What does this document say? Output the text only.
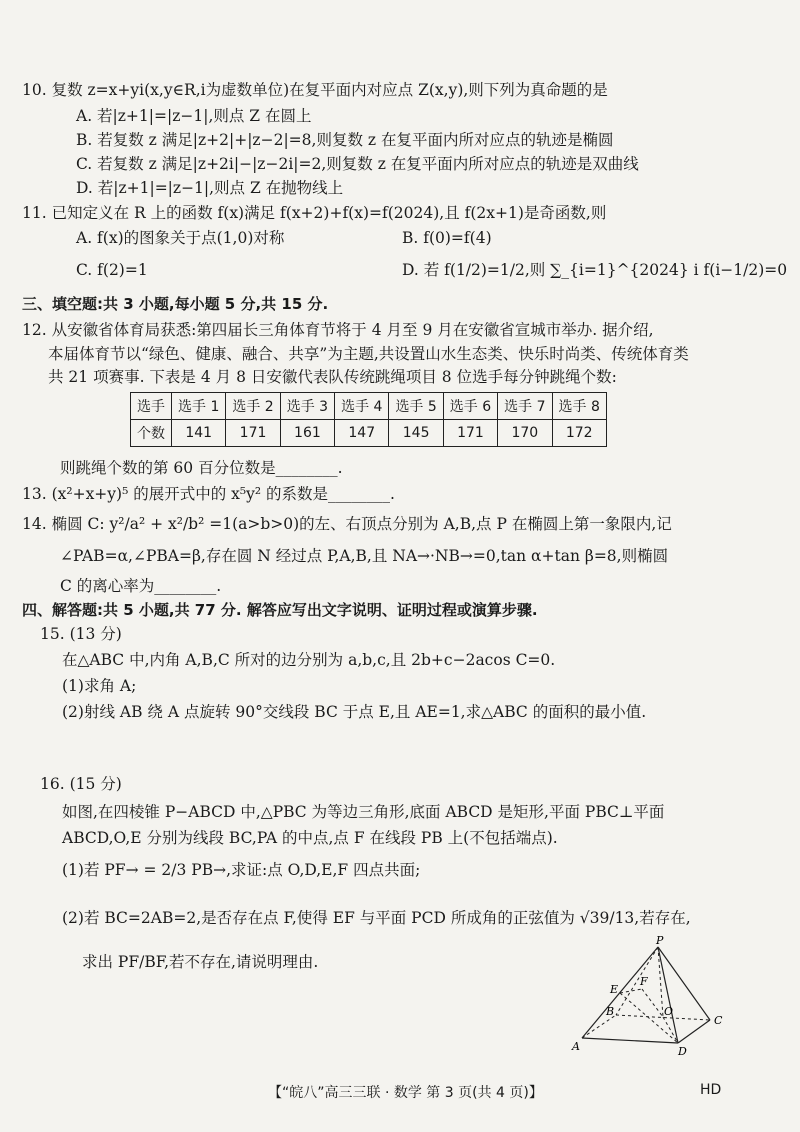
10. 复数 z=x+yi(x,y∈R,i为虚数单位)在复平面内对应点 Z(x,y),则下列为真命题的是
A. 若|z+1|=|z−1|,则点 Z 在圆上
B. 若复数 z 满足|z+2|+|z−2|=8,则复数 z 在复平面内所对应点的轨迹是椭圆
C. 若复数 z 满足|z+2i|−|z−2i|=2,则复数 z 在复平面内所对应点的轨迹是双曲线
D. 若|z+1|=|z−1|,则点 Z 在抛物线上
11. 已知定义在 R 上的函数 f(x)满足 f(x+2)+f(x)=f(2024),且 f(2x+1)是奇函数,则
A. f(x)的图象关于点(1,0)对称	B. f(0)=f(4)
C. f(2)=1	D. 若 f(1/2)=1/2,则 ∑_{i=1}^{2024} i f(i−1/2)=0
三、填空题:共 3 小题,每小题 5 分,共 15 分.
12. 从安徽省体育局获悉:第四届长三角体育节将于 4 月至 9 月在安徽省宣城市举办. 据介绍,
本届体育节以“绿色、健康、融合、共享”为主题,共设置山水生态类、快乐时尚类、传统体育类
共 21 项赛事. 下表是 4 月 8 日安徽代表队传统跳绳项目 8 位选手每分钟跳绳个数:
选手	选手 1	选手 2	选手 3	选手 4	选手 5	选手 6	选手 7	选手 8
个数	141	171	161	147	145	171	170	172
则跳绳个数的第 60 百分位数是________.
13. (x²+x+y)⁵ 的展开式中的 x⁵y² 的系数是________.
14. 椭圆 C: y²/a² + x²/b² =1(a>b>0)的左、右顶点分别为 A,B,点 P 在椭圆上第一象限内,记
∠PAB=α,∠PBA=β,存在圆 N 经过点 P,A,B,且 NA→·NB→=0,tan α+tan β=8,则椭圆
C 的离心率为________.
四、解答题:共 5 小题,共 77 分. 解答应写出文字说明、证明过程或演算步骤.
15. (13 分)
在△ABC 中,内角 A,B,C 所对的边分别为 a,b,c,且 2b+c−2acos C=0.
(1)求角 A;
(2)射线 AB 绕 A 点旋转 90°交线段 BC 于点 E,且 AE=1,求△ABC 的面积的最小值.
16. (15 分)
如图,在四棱锥 P−ABCD 中,△PBC 为等边三角形,底面 ABCD 是矩形,平面 PBC⊥平面
ABCD,O,E 分别为线段 BC,PA 的中点,点 F 在线段 PB 上(不包括端点).
(1)若 PF→ = 2/3 PB→,求证:点 O,D,E,F 四点共面;
(2)若 BC=2AB=2,是否存在点 F,使得 EF 与平面 PCD 所成角的正弦值为 √39/13,若存在,
求出 PF/BF,若不存在,请说明理由.
P
E
F
B	O
C
A	D
【“皖八”高三三联 · 数学 第 3 页(共 4 页)】	HD
